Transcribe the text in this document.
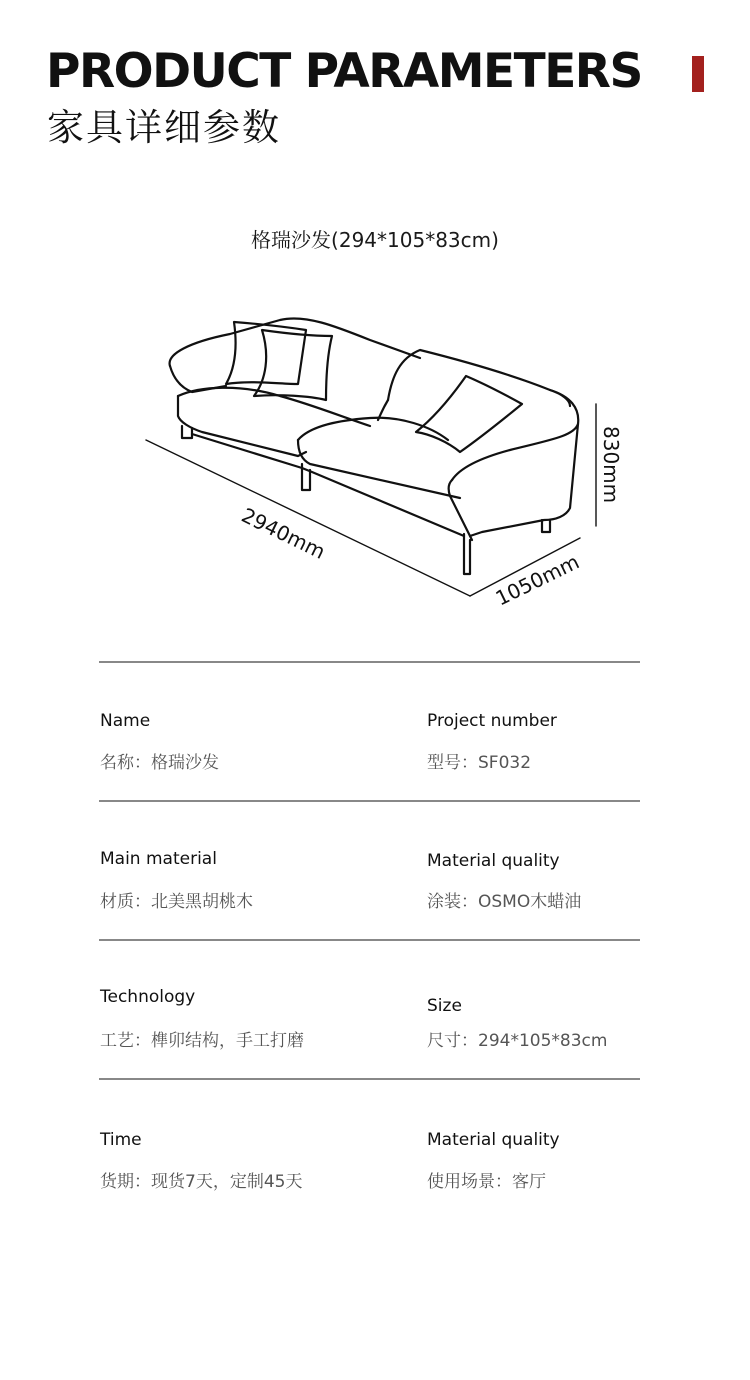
PRODUCT PARAMETERS
家具详细参数
格瑞沙发(294*105*83cm)
2940mm
1050mm
830mm
Name
名称：格瑞沙发
Project number
型号：SF032
Main material
材质：北美黑胡桃木
Material quality
涂装：OSMO木蜡油
Technology
工艺：榫卯结构，手工打磨
Size
尺寸：294*105*83cm
Time
货期：现货7天，定制45天
Material quality
使用场景：客厅
